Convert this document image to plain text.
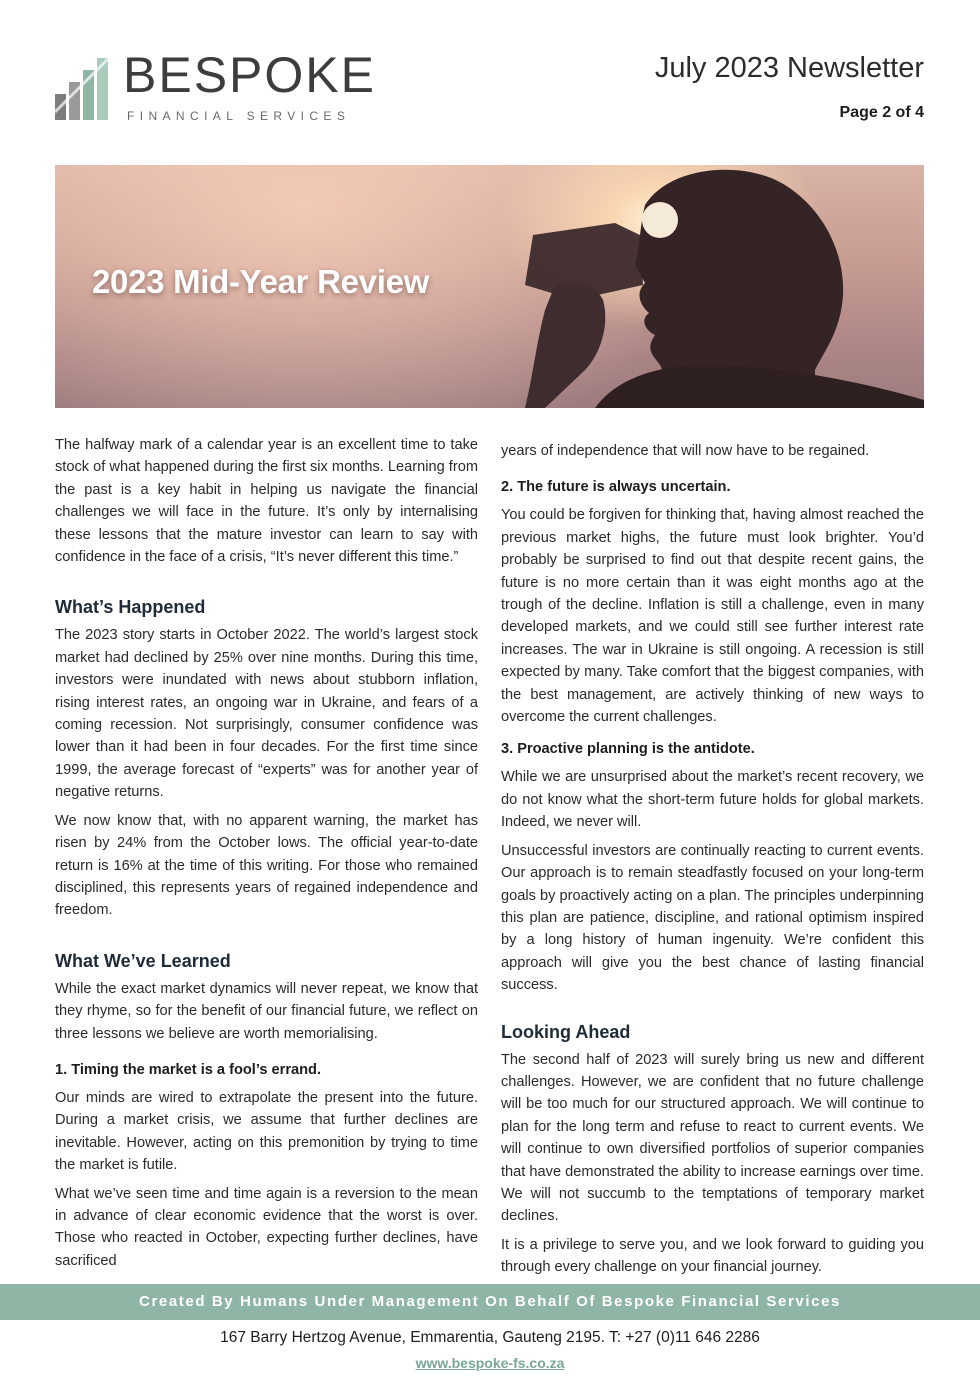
BESPOKE
FINANCIAL SERVICES
July 2023 Newsletter
Page 2 of 4
2023 Mid-Year Review

The halfway mark of a calendar year is an excellent time to take stock of what happened during the first six months. Learning from the past is a key habit in helping us navigate the financial challenges we will face in the future. It’s only by internalising these lessons that the mature investor can learn to say with confidence in the face of a crisis, “It’s never different this time.”

What’s Happened

The 2023 story starts in October 2022. The world’s largest stock market had declined by 25% over nine months. During this time, investors were inundated with news about stubborn inflation, rising interest rates, an ongoing war in Ukraine, and fears of a coming recession. Not surprisingly, consumer confidence was lower than it had been in four decades. For the first time since 1999, the average forecast of “experts” was for another year of negative returns.

We now know that, with no apparent warning, the market has risen by 24% from the October lows. The official year-to-date return is 16% at the time of this writing. For those who remained disciplined, this represents years of regained independence and freedom.

What We’ve Learned

While the exact market dynamics will never repeat, we know that they rhyme, so for the benefit of our financial future, we reflect on three lessons we believe are worth memorialising.

1. Timing the market is a fool’s errand.

Our minds are wired to extrapolate the present into the future. During a market crisis, we assume that further declines are inevitable. However, acting on this premonition by trying to time the market is futile.

What we’ve seen time and time again is a reversion to the mean in advance of clear economic evidence that the worst is over. Those who reacted in October, expecting further declines, have sacrificed

years of independence that will now have to be regained.

2. The future is always uncertain.

You could be forgiven for thinking that, having almost reached the previous market highs, the future must look brighter. You’d probably be surprised to find out that despite recent gains, the future is no more certain than it was eight months ago at the trough of the decline. Inflation is still a challenge, even in many developed markets, and we could still see further interest rate increases. The war in Ukraine is still ongoing. A recession is still expected by many. Take comfort that the biggest companies, with the best management, are actively thinking of new ways to overcome the current challenges.

3. Proactive planning is the antidote.

While we are unsurprised about the market’s recent recovery, we do not know what the short-term future holds for global markets. Indeed, we never will.

Unsuccessful investors are continually reacting to current events. Our approach is to remain steadfastly focused on your long-term goals by proactively acting on a plan. The principles underpinning this plan are patience, discipline, and rational optimism inspired by a long history of human ingenuity. We’re confident this approach will give you the best chance of lasting financial success.

Looking Ahead

The second half of 2023 will surely bring us new and different challenges. However, we are confident that no future challenge will be too much for our structured approach. We will continue to plan for the long term and refuse to react to current events. We will continue to own diversified portfolios of superior companies that have demonstrated the ability to increase earnings over time. We will not succumb to the temptations of temporary market declines.

It is a privilege to serve you, and we look forward to guiding you through every challenge on your financial journey.

Created By Humans Under Management On Behalf Of Bespoke Financial Services
167 Barry Hertzog Avenue, Emmarentia, Gauteng 2195. T: +27 (0)11 646 2286
www.bespoke-fs.co.za
